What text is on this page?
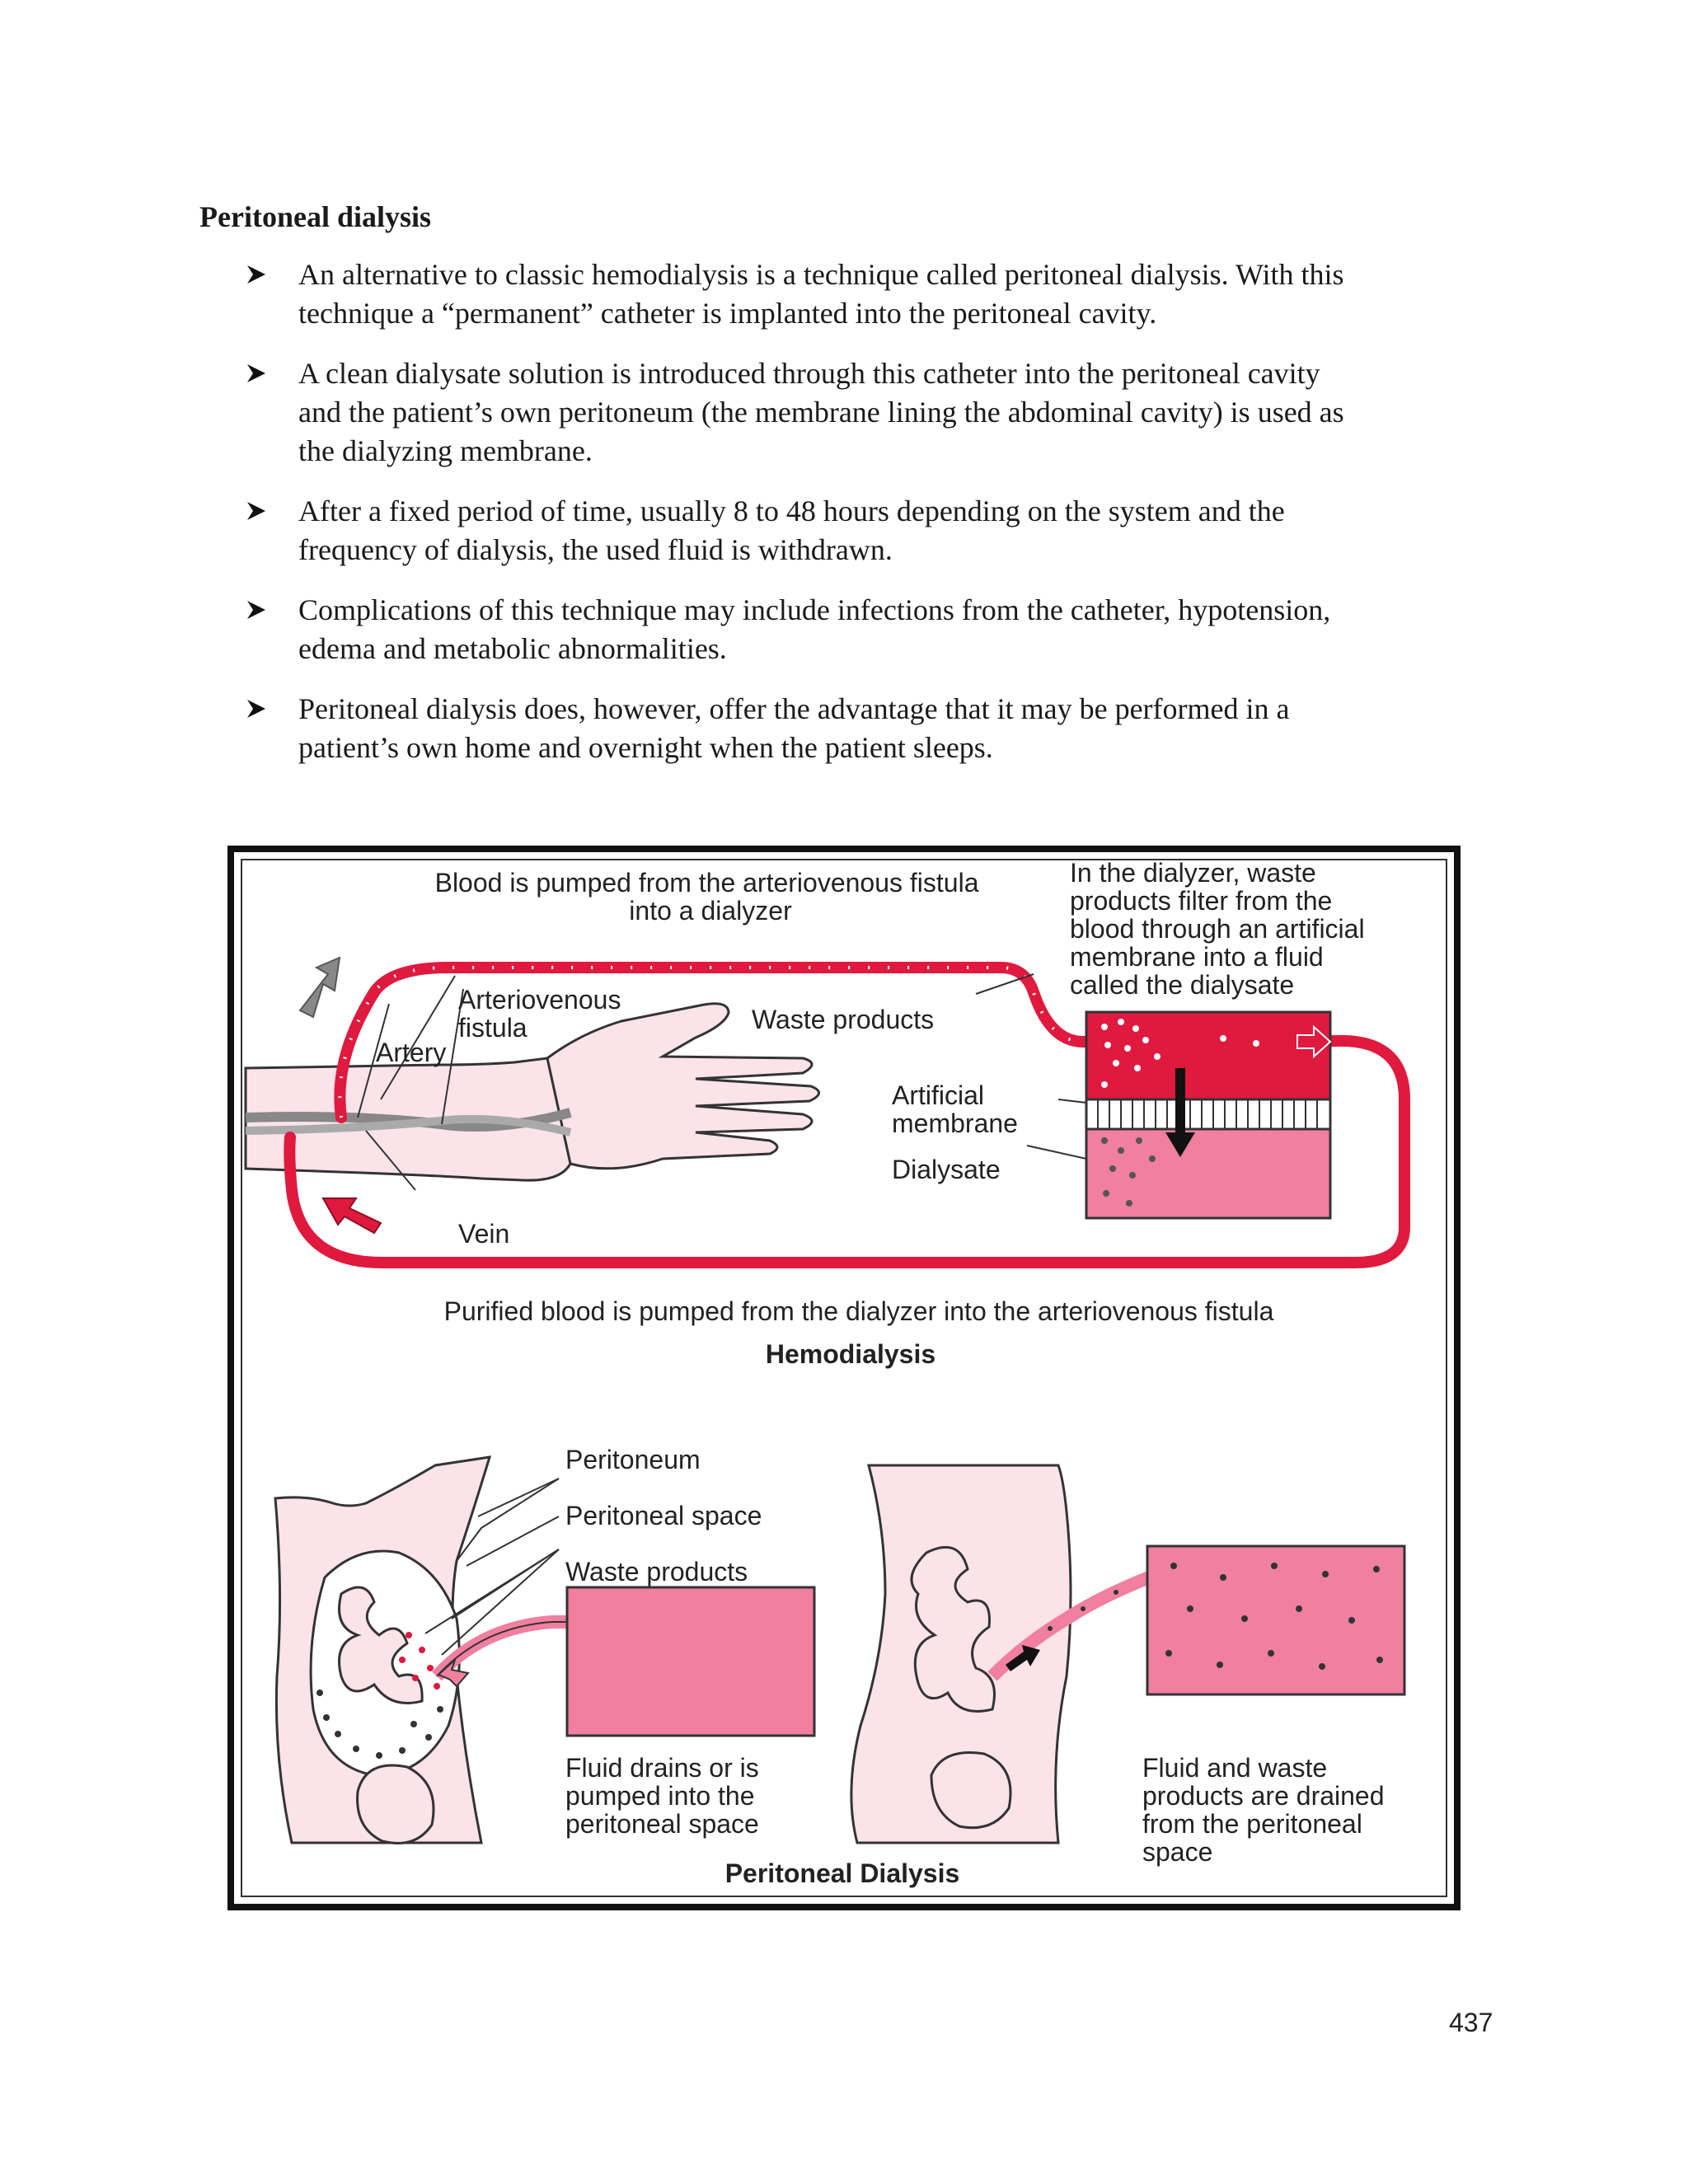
Peritoneal dialysis
An alternative to classic hemodialysis is a technique called peritoneal dialysis. With this
technique a “permanent” catheter is implanted into the peritoneal cavity.
A clean dialysate solution is introduced through this catheter into the peritoneal cavity
and the patient’s own peritoneum (the membrane lining the abdominal cavity) is used as
the dialyzing membrane.
After a fixed period of time, usually 8 to 48 hours depending on the system and the
frequency of dialysis, the used fluid is withdrawn.
Complications of this technique may include infections from the catheter, hypotension,
edema and metabolic abnormalities.
Peritoneal dialysis does, however, offer the advantage that it may be performed in a
patient’s own home and overnight when the patient sleeps.
Blood is pumped from the arteriovenous fistula into a dialyzer
In the dialyzer, waste products filter from the blood through an artificial membrane into a fluid called the dialysate
Arteriovenous fistula
Artery
Vein
Waste products
Artificial membrane
Dialysate
Purified blood is pumped from the dialyzer into the arteriovenous fistula
Hemodialysis
Peritoneum
Peritoneal space
Waste products
Fluid drains or is pumped into the peritoneal space
Fluid and waste products are drained from the peritoneal space
Peritoneal Dialysis
437
